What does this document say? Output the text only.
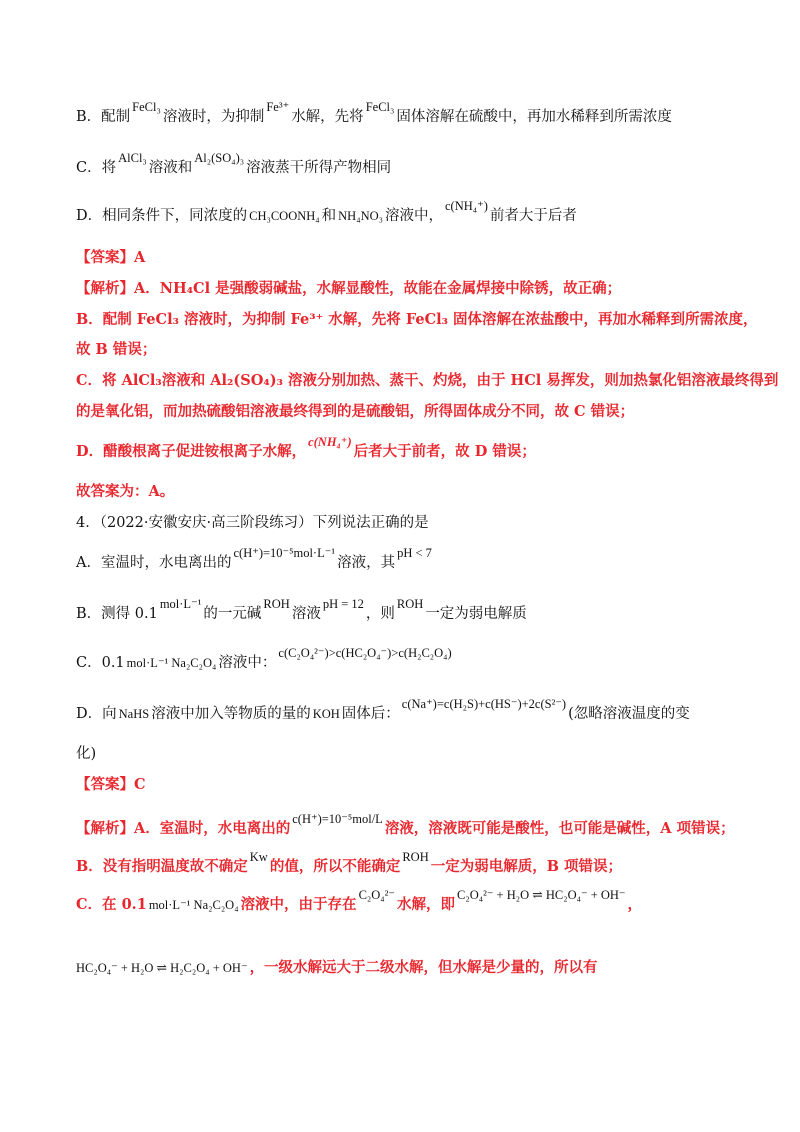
B．配制FeCl₃溶液时，为抑制Fe³⁺水解，先将FeCl₃固体溶解在硫酸中，再加水稀释到所需浓度
C．将AlCl₃溶液和Al₂(SO₄)₃溶液蒸干所得产物相同
D．相同条件下，同浓度的 CH₃COONH₄ 和 NH₄NO₃ 溶液中，c(NH₄⁺)前者大于后者
【答案】A
【解析】A．NH₄Cl 是强酸弱碱盐，水解显酸性，故能在金属焊接中除锈，故正确；
B．配制 FeCl₃ 溶液时，为抑制 Fe³⁺ 水解，先将 FeCl₃ 固体溶解在浓盐酸中，再加水稀释到所需浓度，
故 B 错误；
C．将 AlCl₃溶液和 Al₂(SO₄)₃ 溶液分别加热、蒸干、灼烧，由于 HCl 易挥发，则加热氯化铝溶液最终得到
的是氧化铝，而加热硫酸铝溶液最终得到的是硫酸铝，所得固体成分不同，故 C 错误；
D．醋酸根离子促进铵根离子水解，c(NH₄⁺)后者大于前者，故 D 错误；
故答案为：A。
4．（2022·安徽安庆·高三阶段练习）下列说法正确的是
A．室温时，水电离出的c(H⁺)=10⁻⁵mol·L⁻¹溶液，其pH < 7
B．测得 0.1mol·L⁻¹的一元碱ROH溶液pH = 12，则ROH一定为弱电解质
C．0.1 mol·L⁻¹ Na₂C₂O₄ 溶液中：c(C₂O₄²⁻)>c(HC₂O₄⁻)>c(H₂C₂O₄)
D．向 NaHS 溶液中加入等物质的量的 KOH 固体后：c(Na⁺)=c(H₂S)+c(HS⁻)+2c(S²⁻)(忽略溶液温度的变
化)
【答案】C
【解析】A．室温时，水电离出的c(H⁺)=10⁻⁵mol/L溶液，溶液既可能是酸性，也可能是碱性，A 项错误；
B．没有指明温度故不确定Kw的值，所以不能确定ROH一定为弱电解质，B 项错误；
C．在 0.1 mol·L⁻¹ Na₂C₂O₄ 溶液中，由于存在C₂O₄²⁻水解，即C₂O₄²⁻ + H₂O ⇌ HC₂O₄⁻ + OH⁻，
HC₂O₄⁻ + H₂O ⇌ H₂C₂O₄ + OH⁻ ，一级水解远大于二级水解，但水解是少量的，所以有
